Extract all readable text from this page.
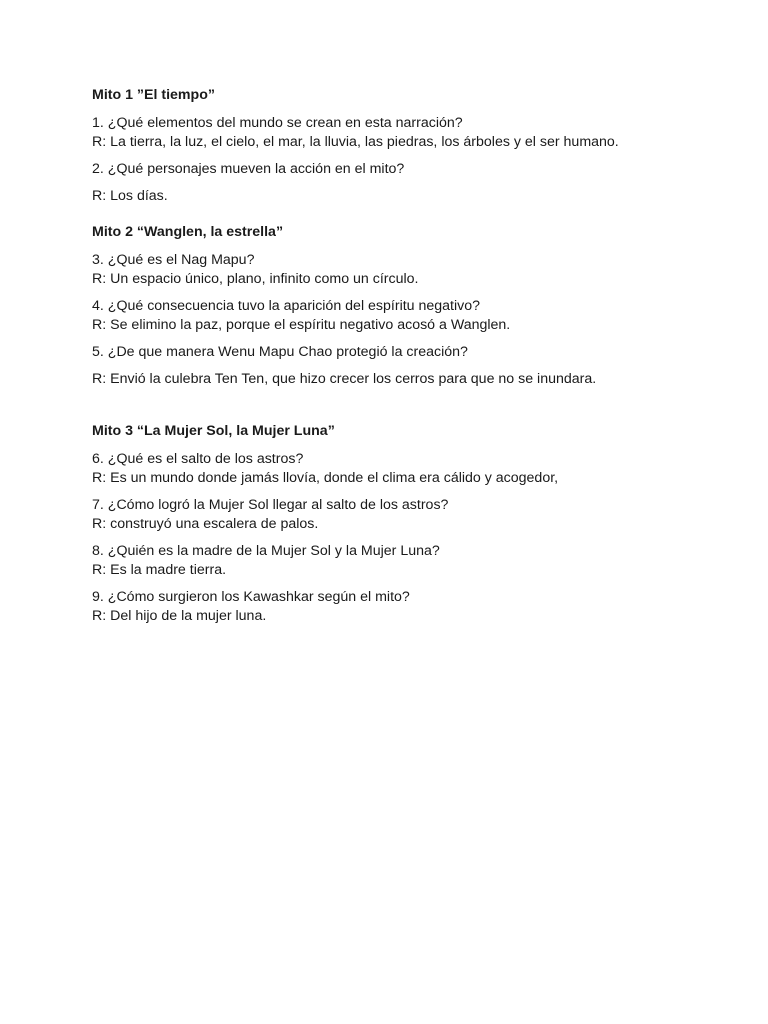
Mito 1 ”El tiempo”

1. ¿Qué elementos del mundo se crean en esta narración?

R: La tierra, la luz, el cielo, el mar, la lluvia, las piedras, los árboles y el ser humano.

2. ¿Qué personajes mueven la acción en el mito?

R: Los días.

Mito 2 “Wanglen, la estrella”

3. ¿Qué es el Nag Mapu?

R: Un espacio único, plano, infinito como un círculo.

4. ¿Qué consecuencia tuvo la aparición del espíritu negativo?

R: Se elimino la paz, porque el espíritu negativo acosó a Wanglen.

5. ¿De que manera Wenu Mapu Chao protegió la creación?

R: Envió la culebra Ten Ten, que hizo crecer los cerros para que no se inundara.

Mito 3 “La Mujer Sol, la Mujer Luna”

6. ¿Qué es el salto de los astros?

R: Es un mundo donde jamás llovía, donde el clima era cálido y acogedor,

7. ¿Cómo logró la Mujer Sol llegar al salto de los astros?

R: construyó una escalera de palos.

8. ¿Quién es la madre de la Mujer Sol y la Mujer Luna?

R: Es la madre tierra.

9. ¿Cómo surgieron los Kawashkar según el mito?

R: Del hijo de la mujer luna.
